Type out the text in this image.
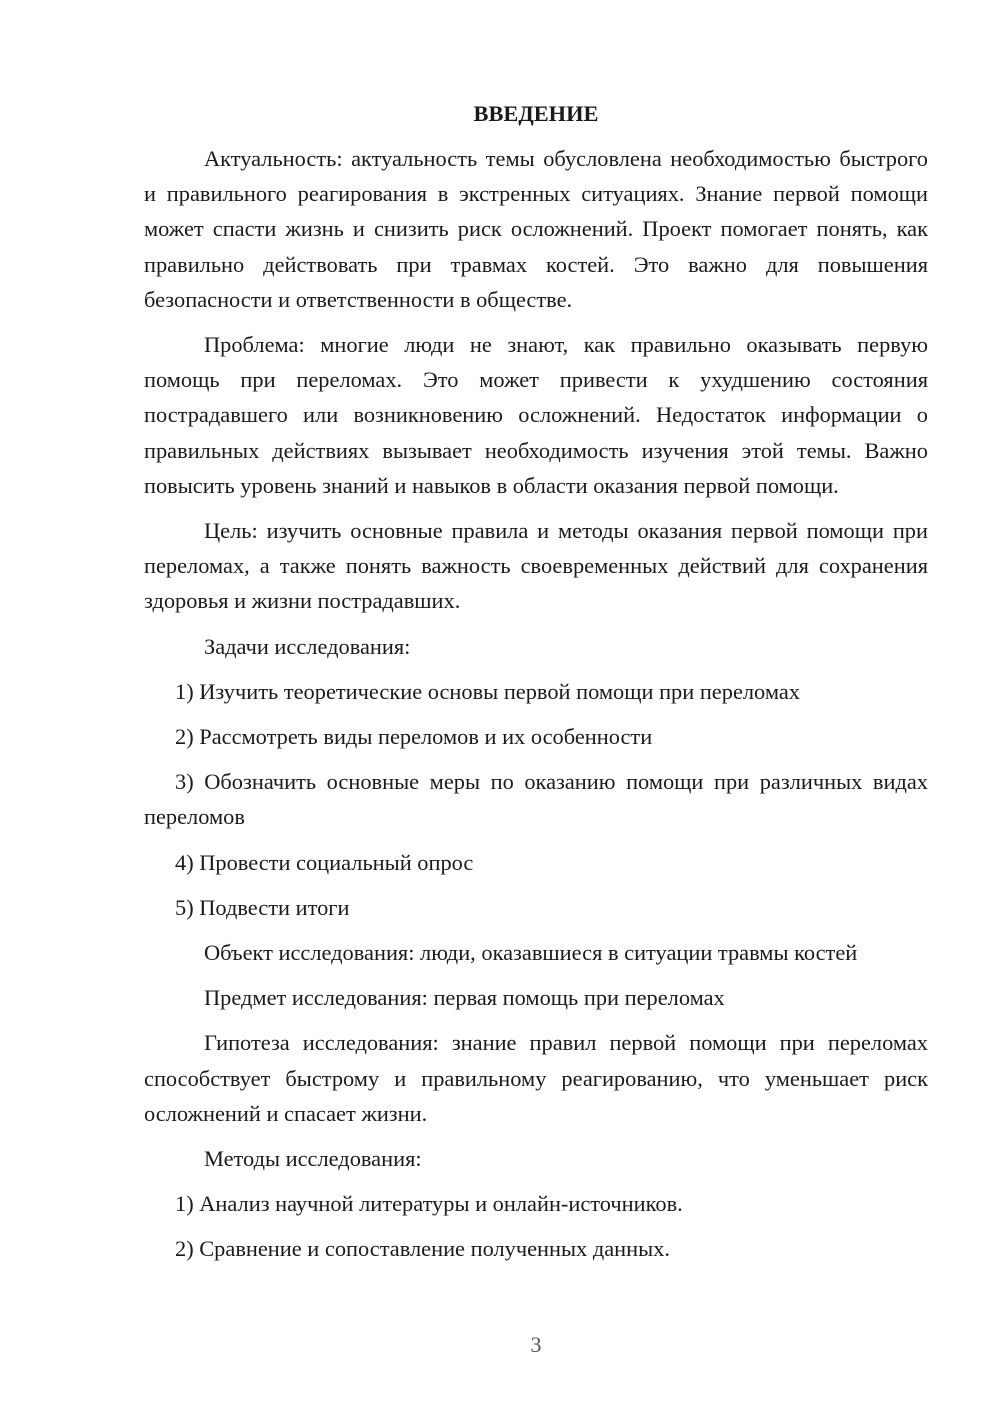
ВВЕДЕНИЕ

Актуальность: актуальность темы обусловлена необходимостью быстрого и правильного реагирования в экстренных ситуациях. Знание первой помощи может спасти жизнь и снизить риск осложнений. Проект помогает понять, как правильно действовать при травмах костей. Это важно для повышения безопасности и ответственности в обществе.

Проблема: многие люди не знают, как правильно оказывать первую помощь при переломах. Это может привести к ухудшению состояния пострадавшего или возникновению осложнений. Недостаток информации о правильных действиях вызывает необходимость изучения этой темы. Важно повысить уровень знаний и навыков в области оказания первой помощи.

Цель: изучить основные правила и методы оказания первой помощи при переломах, а также понять важность своевременных действий для сохранения здоровья и жизни пострадавших.

Задачи исследования:

1) Изучить теоретические основы первой помощи при переломах

2) Рассмотреть виды переломов и их особенности

3) Обозначить основные меры по оказанию помощи при различных видах переломов

4) Провести социальный опрос

5) Подвести итоги

Объект исследования: люди, оказавшиеся в ситуации травмы костей

Предмет исследования: первая помощь при переломах

Гипотеза исследования: знание правил первой помощи при переломах способствует быстрому и правильному реагированию, что уменьшает риск осложнений и спасает жизни.

Методы исследования:

1) Анализ научной литературы и онлайн-источников.

2) Сравнение и сопоставление полученных данных.

3
